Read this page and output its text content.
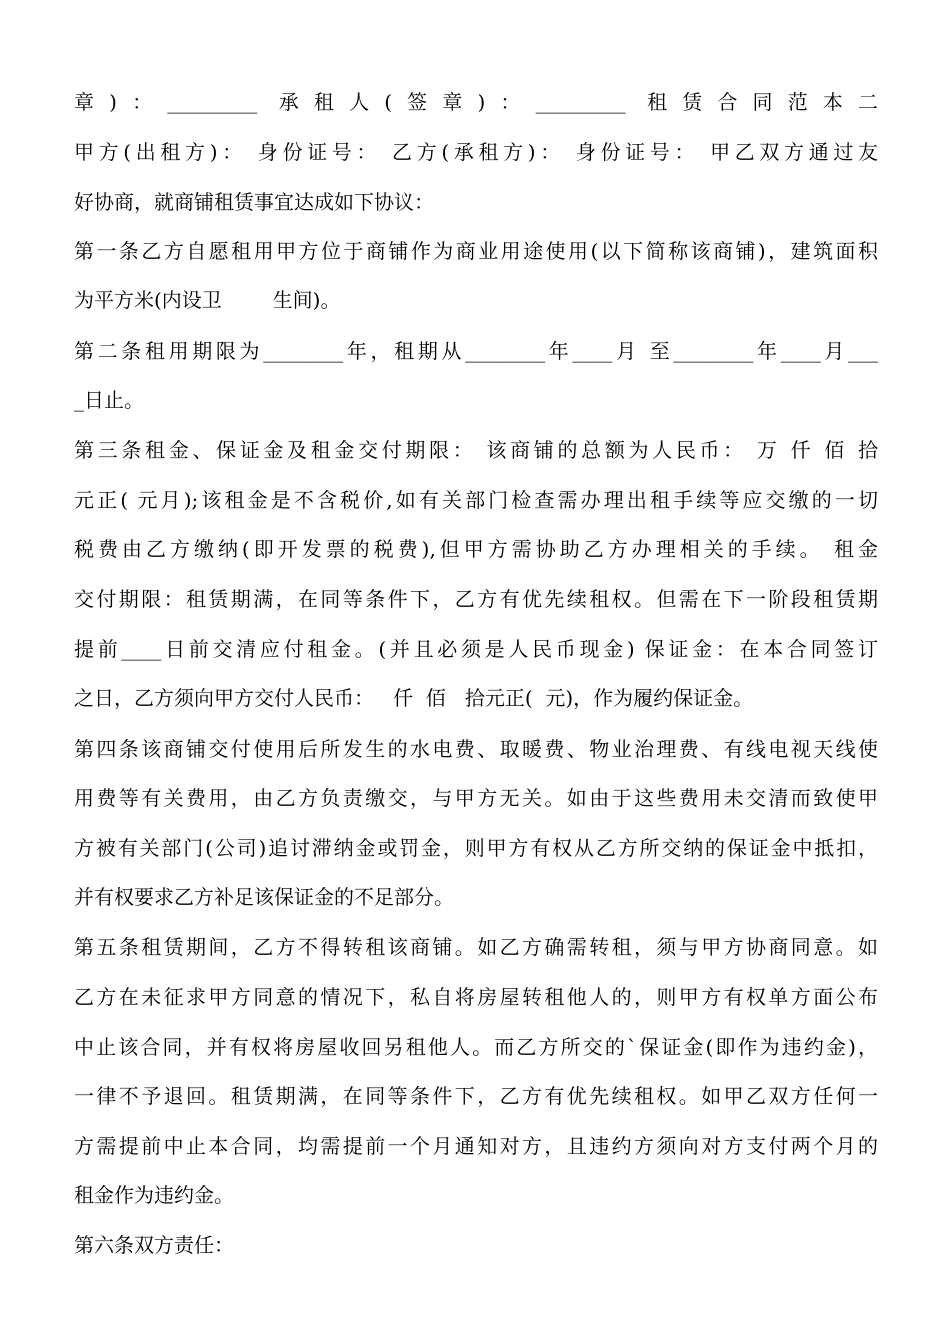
章)：_________ 承租人(签章)：_________ 租赁合同范本二
甲方(出租方)： 身份证号： 乙方(承租方)： 身份证号： 甲乙双方通过友
好协商，就商铺租赁事宜达成如下协议：
第一条乙方自愿租用甲方位于商铺作为商业用途使用(以下简称该商铺)，建筑面积
为平方米(内设卫        生间)。
第二条租用期限为________年，租期从________年____月 至________年____月___
_日止。
第三条租金、保证金及租金交付期限： 该商铺的总额为人民币： 万 仟 佰 拾
元正( 元月);该租金是不含税价,如有关部门检查需办理出租手续等应交缴的一切
税费由乙方缴纳(即开发票的税费),但甲方需协助乙方办理相关的手续。 租金
交付期限：租赁期满，在同等条件下，乙方有优先续租权。但需在下一阶段租赁期
提前____日前交清应付租金。(并且必须是人民币现金) 保证金：在本合同签订
之日，乙方须向甲方交付人民币：   仟  佰   拾元正(  元)，作为履约保证金。
第四条该商铺交付使用后所发生的水电费、取暖费、物业治理费、有线电视天线使
用费等有关费用，由乙方负责缴交，与甲方无关。如由于这些费用未交清而致使甲
方被有关部门(公司)追讨滞纳金或罚金，则甲方有权从乙方所交纳的保证金中抵扣，
并有权要求乙方补足该保证金的不足部分。
第五条租赁期间，乙方不得转租该商铺。如乙方确需转租，须与甲方协商同意。如
乙方在未征求甲方同意的情况下，私自将房屋转租他人的，则甲方有权单方面公布
中止该合同，并有权将房屋收回另租他人。而乙方所交的`保证金(即作为违约金)，
一律不予退回。租赁期满，在同等条件下，乙方有优先续租权。如甲乙双方任何一
方需提前中止本合同，均需提前一个月通知对方，且违约方须向对方支付两个月的
租金作为违约金。
第六条双方责任：
